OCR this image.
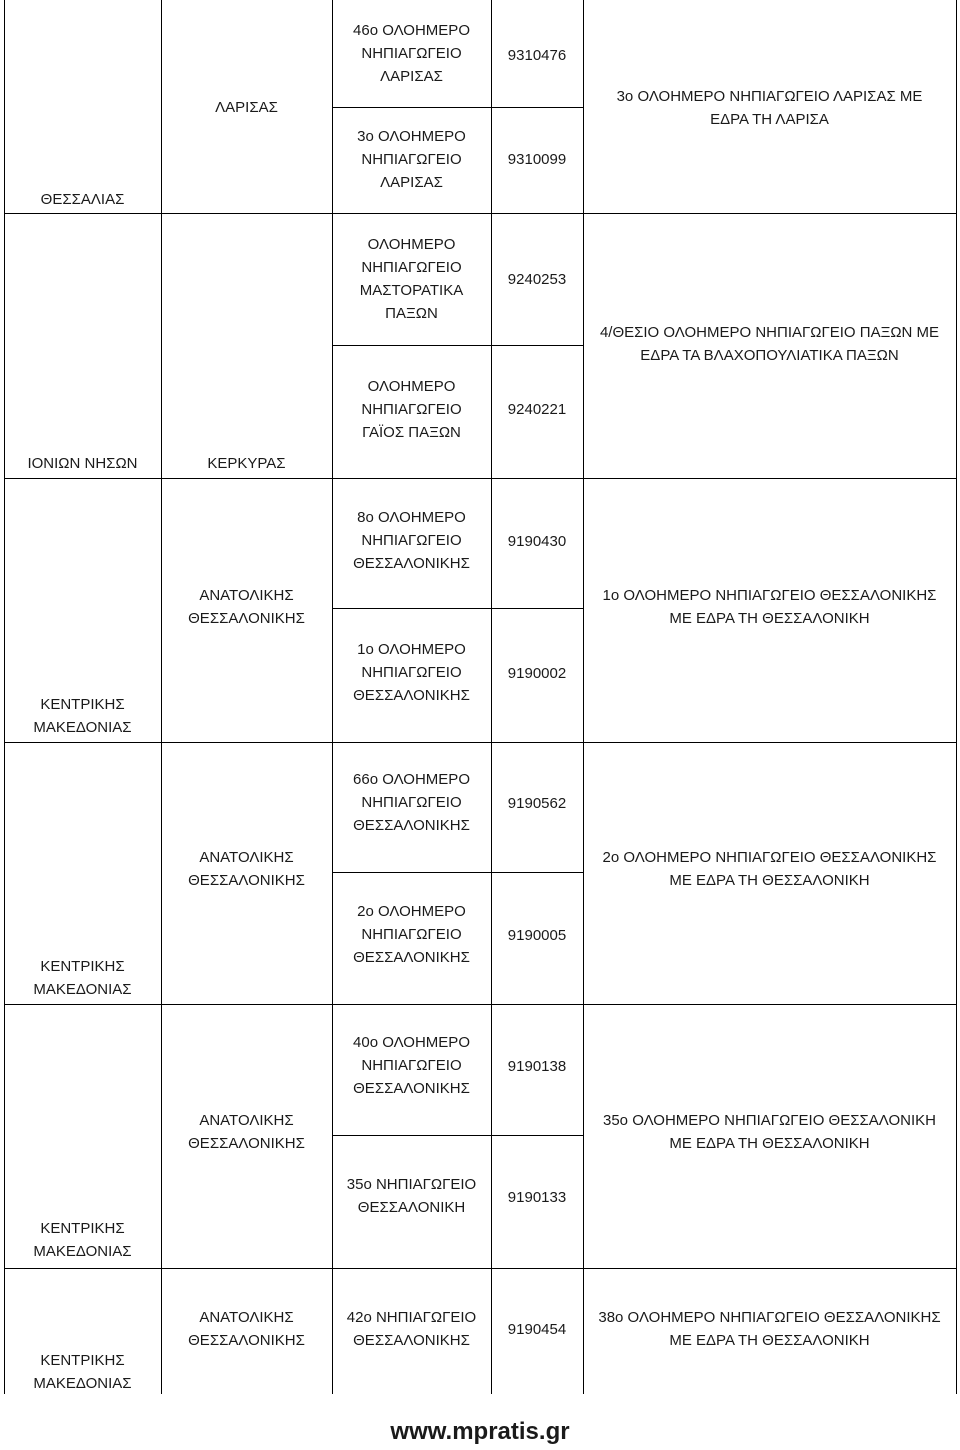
ΘΕΣΣΑΛΙΑΣ
ΛΑΡΙΣΑΣ
46ο ΟΛΟΗΜΕΡΟ
ΝΗΠΙΑΓΩΓΕΙΟ
ΛΑΡΙΣΑΣ
9310476
3ο ΟΛΟΗΜΕΡΟ
ΝΗΠΙΑΓΩΓΕΙΟ
ΛΑΡΙΣΑΣ
9310099
3ο ΟΛΟΗΜΕΡΟ ΝΗΠΙΑΓΩΓΕΙΟ ΛΑΡΙΣΑΣ ΜΕ
ΕΔΡΑ ΤΗ ΛΑΡΙΣΑ
ΙΟΝΙΩΝ ΝΗΣΩΝ	ΚΕΡΚΥΡΑΣ
ΟΛΟΗΜΕΡΟ
ΝΗΠΙΑΓΩΓΕΙΟ
ΜΑΣΤΟΡΑΤΙΚΑ
ΠΑΞΩΝ
9240253
ΟΛΟΗΜΕΡΟ
ΝΗΠΙΑΓΩΓΕΙΟ
ΓΑΪΟΣ ΠΑΞΩΝ
9240221
4/ΘΕΣΙΟ ΟΛΟΗΜΕΡΟ ΝΗΠΙΑΓΩΓΕΙΟ ΠΑΞΩΝ ΜΕ
ΕΔΡΑ ΤΑ ΒΛΑΧΟΠΟΥΛΙΑΤΙΚΑ ΠΑΞΩΝ
ΚΕΝΤΡΙΚΗΣ
ΜΑΚΕΔΟΝΙΑΣ
ΑΝΑΤΟΛΙΚΗΣ
ΘΕΣΣΑΛΟΝΙΚΗΣ
8ο ΟΛΟΗΜΕΡΟ
ΝΗΠΙΑΓΩΓΕΙΟ
ΘΕΣΣΑΛΟΝΙΚΗΣ
9190430
1ο ΟΛΟΗΜΕΡΟ
ΝΗΠΙΑΓΩΓΕΙΟ
ΘΕΣΣΑΛΟΝΙΚΗΣ
9190002
1ο ΟΛΟΗΜΕΡΟ ΝΗΠΙΑΓΩΓΕΙΟ ΘΕΣΣΑΛΟΝΙΚΗΣ
ΜΕ ΕΔΡΑ ΤΗ ΘΕΣΣΑΛΟΝΙΚΗ
ΚΕΝΤΡΙΚΗΣ
ΜΑΚΕΔΟΝΙΑΣ
ΑΝΑΤΟΛΙΚΗΣ
ΘΕΣΣΑΛΟΝΙΚΗΣ
66ο ΟΛΟΗΜΕΡΟ
ΝΗΠΙΑΓΩΓΕΙΟ
ΘΕΣΣΑΛΟΝΙΚΗΣ
9190562
2ο ΟΛΟΗΜΕΡΟ
ΝΗΠΙΑΓΩΓΕΙΟ
ΘΕΣΣΑΛΟΝΙΚΗΣ
9190005
2ο ΟΛΟΗΜΕΡΟ ΝΗΠΙΑΓΩΓΕΙΟ ΘΕΣΣΑΛΟΝΙΚΗΣ
ΜΕ ΕΔΡΑ ΤΗ ΘΕΣΣΑΛΟΝΙΚΗ
ΚΕΝΤΡΙΚΗΣ
ΜΑΚΕΔΟΝΙΑΣ
ΑΝΑΤΟΛΙΚΗΣ
ΘΕΣΣΑΛΟΝΙΚΗΣ
40ο ΟΛΟΗΜΕΡΟ
ΝΗΠΙΑΓΩΓΕΙΟ
ΘΕΣΣΑΛΟΝΙΚΗΣ
9190138
35ο ΝΗΠΙΑΓΩΓΕΙΟ
ΘΕΣΣΑΛΟΝΙΚΗ
9190133
35ο ΟΛΟΗΜΕΡΟ ΝΗΠΙΑΓΩΓΕΙΟ ΘΕΣΣΑΛΟΝΙΚΗ
ΜΕ ΕΔΡΑ ΤΗ ΘΕΣΣΑΛΟΝΙΚΗ
ΚΕΝΤΡΙΚΗΣ
ΜΑΚΕΔΟΝΙΑΣ
ΑΝΑΤΟΛΙΚΗΣ
ΘΕΣΣΑΛΟΝΙΚΗΣ
42ο ΝΗΠΙΑΓΩΓΕΙΟ
ΘΕΣΣΑΛΟΝΙΚΗΣ
9190454
38ο ΟΛΟΗΜΕΡΟ ΝΗΠΙΑΓΩΓΕΙΟ ΘΕΣΣΑΛΟΝΙΚΗΣ
ΜΕ ΕΔΡΑ ΤΗ ΘΕΣΣΑΛΟΝΙΚΗ
www.mpratis.gr
